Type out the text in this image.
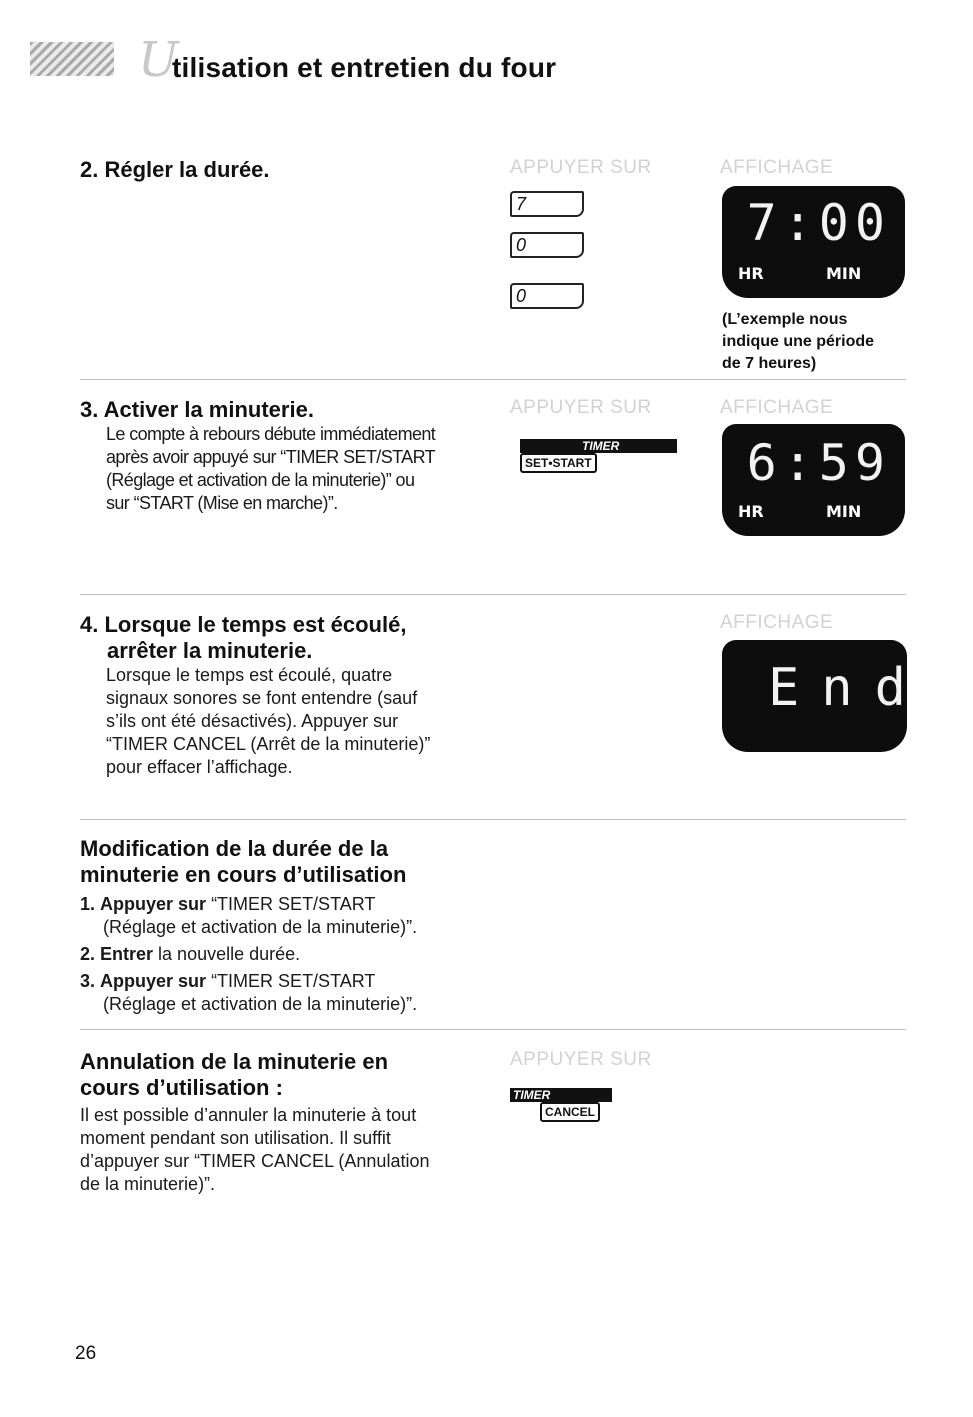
U
tilisation et entretien du four
2. Régler la durée.	APPUYER SUR	AFFICHAGE
7
0
0
7:00
HR	MIN
(L’exemple nous
indique une période
de 7 heures)
3. Activer la minuterie.	APPUYER SUR	AFFICHAGE
Le compte à rebours débute immédiatement
après avoir appuyé sur “TIMER SET/START
(Réglage et activation de la minuterie)” ou
sur “START (Mise en marche)”.
TIMER
SET•START	6:59
HR	MIN
4. Lorsque le temps est écoulé,
arrêter la minuterie.
AFFICHAGE
Lorsque le temps est écoulé, quatre
signaux sonores se font entendre (sauf
s’ils ont été désactivés). Appuyer sur
“TIMER CANCEL (Arrêt de la minuterie)”
pour effacer l’affichage.
End
Modification de la durée de la
minuterie en cours d’utilisation
1. Appuyer sur “TIMER SET/START
(Réglage et activation de la minuterie)”.
2. Entrer la nouvelle durée.
3. Appuyer sur “TIMER SET/START
(Réglage et activation de la minuterie)”.
Annulation de la minuterie en
cours d’utilisation :
APPUYER SUR
Il est possible d’annuler la minuterie à tout
moment pendant son utilisation. Il suffit
d’appuyer sur “TIMER CANCEL (Annulation
de la minuterie)”.
TIMER
CANCEL
26
